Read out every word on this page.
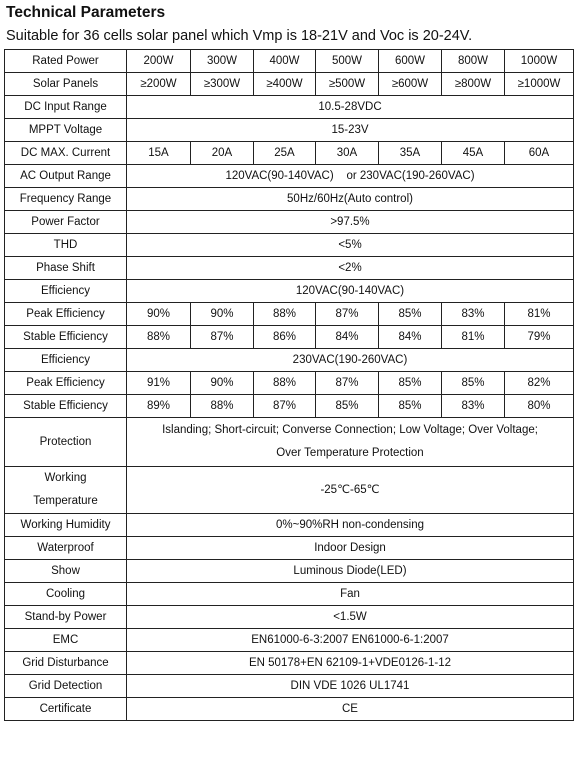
Technical Parameters
Suitable for 36 cells solar panel which Vmp is 18-21V and Voc is 20-24V.
Rated Power	200W	300W	400W	500W	600W	800W	1000W
Solar Panels	≥200W	≥300W	≥400W	≥500W	≥600W	≥800W	≥1000W
DC Input Range	10.5-28VDC						
MPPT Voltage	15-23V						
DC MAX. Current	15A	20A	25A	30A	35A	45A	60A
AC Output Range	120VAC(90-140VAC)    or 230VAC(190-260VAC)						
Frequency Range	50Hz/60Hz(Auto control)						
Power Factor	>97.5%						
THD	<5%						
Phase Shift	<2%						
Efficiency	120VAC(90-140VAC)						
Peak Efficiency	90%	90%	88%	87%	85%	83%	81%
Stable Efficiency	88%	87%	86%	84%	84%	81%	79%
Efficiency	230VAC(190-260VAC)						
Peak Efficiency	91%	90%	88%	87%	85%	85%	82%
Stable Efficiency	89%	88%	87%	85%	85%	83%	80%
Protection	Islanding; Short-circuit; Converse Connection; Low Voltage; Over Voltage;
Over Temperature Protection						

Working
Temperature	-25℃-65℃						
Working Humidity	0%~90%RH non-condensing						
Waterproof	Indoor Design						
Show	Luminous Diode(LED)						
Cooling	Fan						
Stand-by Power	<1.5W						
EMC	EN61000-6-3:2007 EN61000-6-1:2007						
Grid Disturbance	EN 50178+EN 62109-1+VDE0126-1-12						
Grid Detection	DIN VDE 1026 UL1741						
Certificate	CE						
